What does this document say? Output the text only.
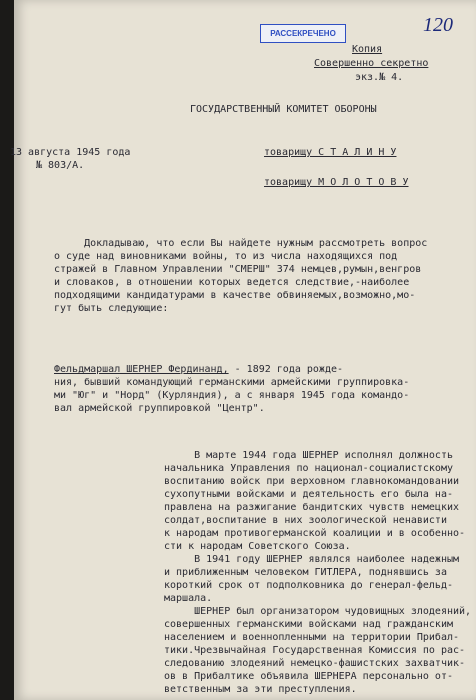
РАССЕКРЕЧЕНО	120
Копия
Совершенно секретно
экз.№ 4.
ГОСУДАРСТВЕННЫЙ КОМИТЕТ ОБОРОНЫ
13 августа 1945 года
№ 803/А.
товарищу С Т А Л И Н У
товарищу М О Л О Т О В У
Докладываю, что если Вы найдете нужным рассмотреть вопрос
о суде над виновниками войны, то из числа находящихся под
стражей в Главном Управлении "СМЕРШ" 374 немцев,румын,венгров
и словаков, в отношении которых ведется следствие,-наиболее
подходящими кандидатурами в качестве обвиняемых,возможно,мо-
гут быть следующие:
Фельдмаршал ШЕРНЕР Фердинанд, - 1892 года рожде-
ния, бывший командующий германскими армейскими группировка-
ми "Юг" и "Норд" (Курляндия), а с января 1945 года командо-
вал армейской группировкой "Центр".
В марте 1944 года ШЕРНЕР исполнял должность
начальника Управления по национал-социалистскому
воспитанию войск при верховном главнокомандовании
сухопутными войсками и деятельность его была на-
правлена на разжигание бандитских чувств немецких
солдат,воспитание в них зоологической ненависти
к народам противогерманской коалиции и в особенно-
сти к народам Советского Союза.
В 1941 году ШЕРНЕР являлся наиболее надежным
и приближенным человеком ГИТЛЕРА, поднявшись за
короткий срок от подполковника до генерал-фельд-
маршала.
ШЕРНЕР был организатором чудовищных злодеяний,
совершенных германскими войсками над гражданским
населением и военнопленными на территории Прибал-
тики.Чрезвычайная Государственная Комиссия по рас-
следованию злодеяний немецко-фашистских захватчик-
ов в Прибалтике объявила ШЕРНЕРА персонально от-
ветственным за эти преступления.
